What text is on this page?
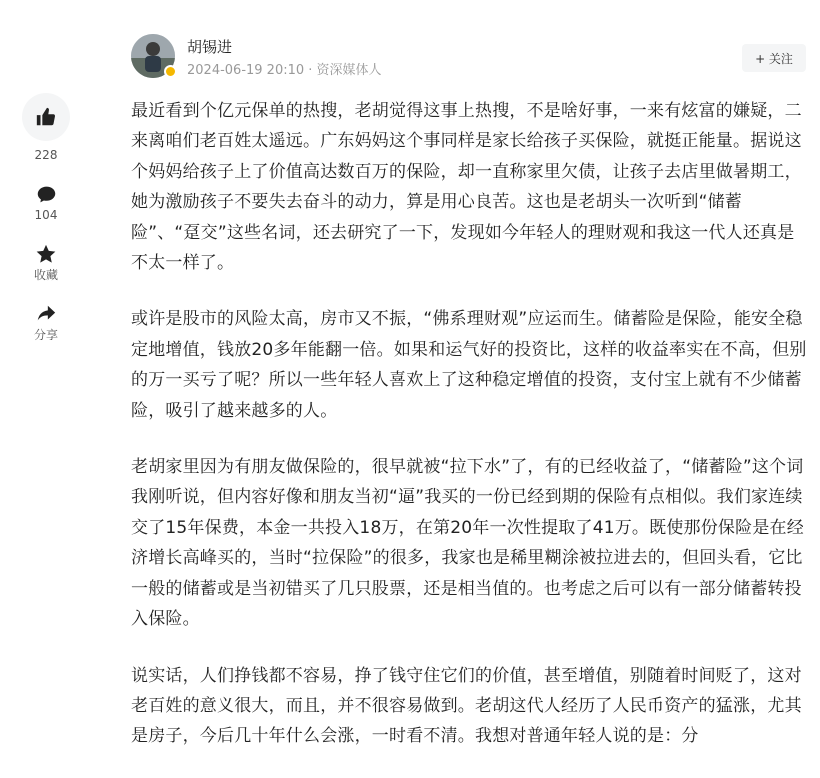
228
104
收藏
分享
胡锡进
2024-06-19 20:10 · 资深媒体人
+ 关注

最近看到个亿元保单的热搜，老胡觉得这事上热搜，不是啥好事，一来有炫富的嫌疑，二来离咱们老百姓太遥远。广东妈妈这个事同样是家长给孩子买保险，就挺正能量。据说这个妈妈给孩子上了价值高达数百万的保险，却一直称家里欠债，让孩子去店里做暑期工，她为激励孩子不要失去奋斗的动力，算是用心良苦。这也是老胡头一次听到“储蓄险”、“趸交”这些名词，还去研究了一下，发现如今年轻人的理财观和我这一代人还真是不太一样了。

或许是股市的风险太高，房市又不振，“佛系理财观”应运而生。储蓄险是保险，能安全稳定地增值，钱放20多年能翻一倍。如果和运气好的投资比，这样的收益率实在不高，但别的万一买亏了呢？所以一些年轻人喜欢上了这种稳定增值的投资，支付宝上就有不少储蓄险，吸引了越来越多的人。

老胡家里因为有朋友做保险的，很早就被“拉下水”了，有的已经收益了，“储蓄险”这个词我刚听说，但内容好像和朋友当初“逼”我买的一份已经到期的保险有点相似。我们家连续交了15年保费，本金一共投入18万，在第20年一次性提取了41万。既使那份保险是在经济增长高峰买的，当时“拉保险”的很多，我家也是稀里糊涂被拉进去的，但回头看，它比一般的储蓄或是当初错买了几只股票，还是相当值的。也考虑之后可以有一部分储蓄转投入保险。

说实话，人们挣钱都不容易，挣了钱守住它们的价值，甚至增值，别随着时间贬了，这对老百姓的意义很大，而且，并不很容易做到。老胡这代人经历了人民币资产的猛涨，尤其是房子，今后几十年什么会涨，一时看不清。我想对普通年轻人说的是：分
